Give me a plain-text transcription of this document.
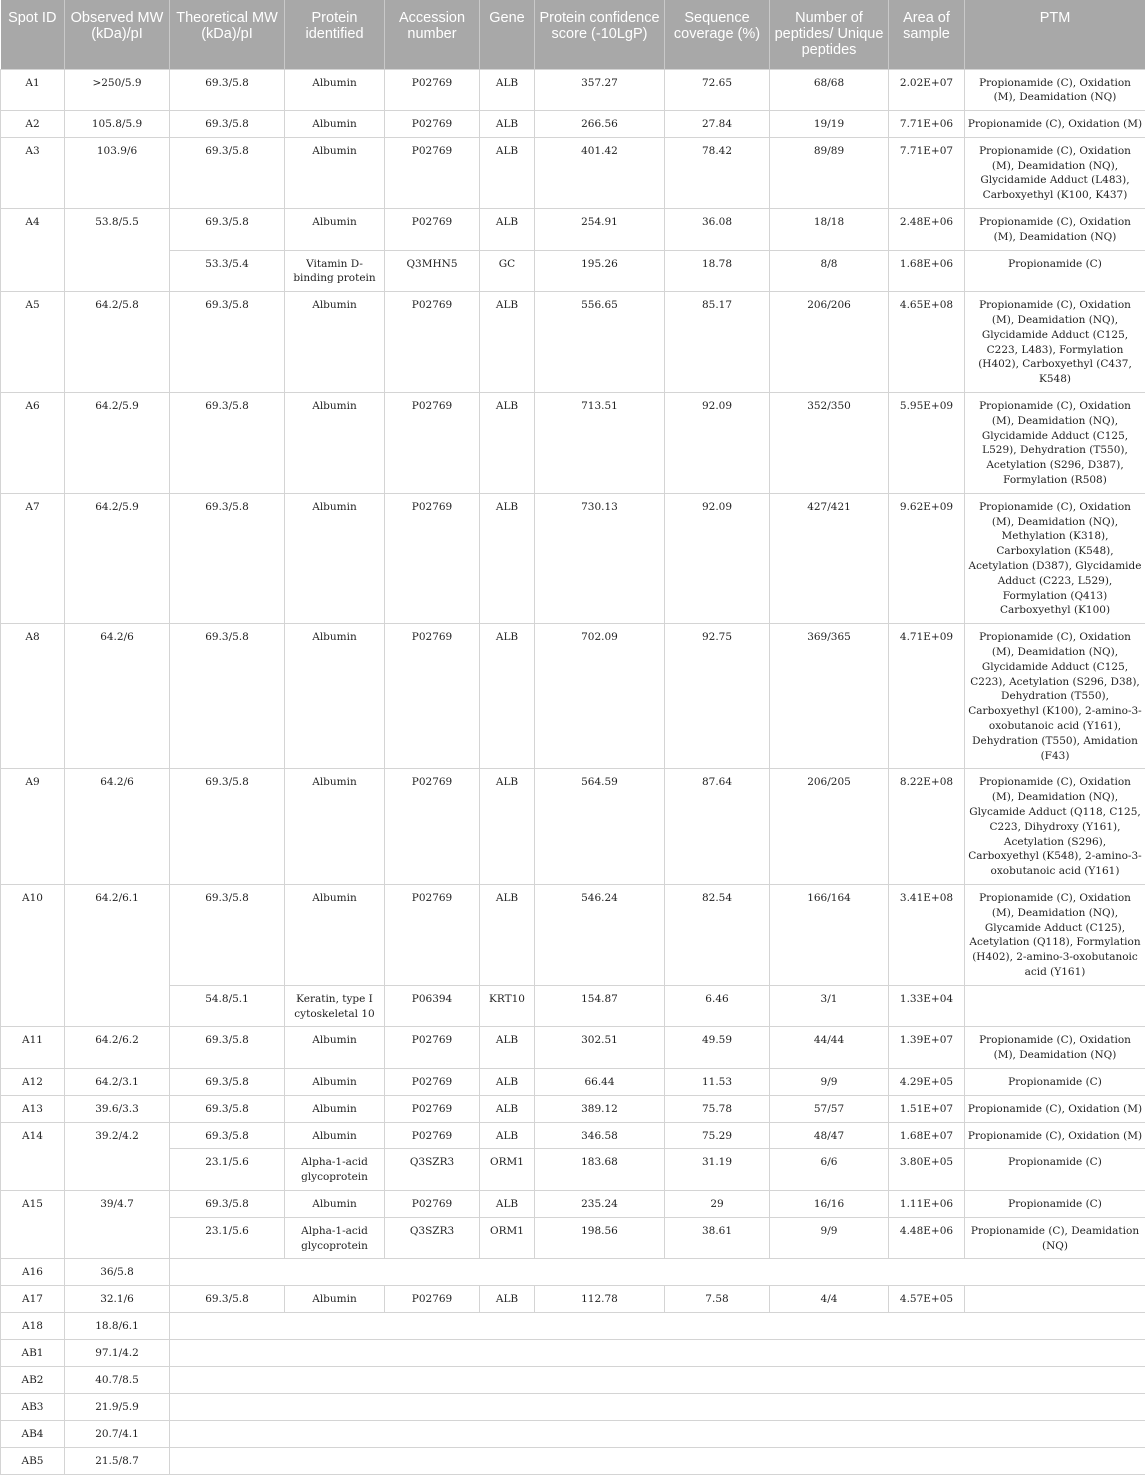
Spot ID	Observed MW (kDa)/pI	Theoretical MW (kDa)/pI	Protein identified	Accession number	Gene	Protein confidence score (-10LgP)	Sequence coverage (%)	Number of peptides/ Unique peptides	Area of sample	PTM
A1	>250/5.9	69.3/5.8	Albumin	P02769	ALB	357.27	72.65	68/68	2.02E+07	Propionamide (C), Oxidation (M), Deamidation (NQ)
A2	105.8/5.9	69.3/5.8	Albumin	P02769	ALB	266.56	27.84	19/19	7.71E+06	Propionamide (C), Oxidation (M)
A3	103.9/6	69.3/5.8	Albumin	P02769	ALB	401.42	78.42	89/89	7.71E+07	Propionamide (C), Oxidation (M), Deamidation (NQ), Glycidamide Adduct (L483), Carboxyethyl (K100, K437)
A4	53.8/5.5	69.3/5.8	Albumin	P02769	ALB	254.91	36.08	18/18	2.48E+06	Propionamide (C), Oxidation (M), Deamidation (NQ)
		53.3/5.4	Vitamin D-binding protein	Q3MHN5	GC	195.26	18.78	8/8	1.68E+06	Propionamide (C)
A5	64.2/5.8	69.3/5.8	Albumin	P02769	ALB	556.65	85.17	206/206	4.65E+08	Propionamide (C), Oxidation (M), Deamidation (NQ), Glycidamide Adduct (C125, C223, L483), Formylation (H402), Carboxyethyl (C437, K548)
A6	64.2/5.9	69.3/5.8	Albumin	P02769	ALB	713.51	92.09	352/350	5.95E+09	Propionamide (C), Oxidation (M), Deamidation (NQ), Glycidamide Adduct (C125, L529), Dehydration (T550), Acetylation (S296, D387), Formylation (R508)
A7	64.2/5.9	69.3/5.8	Albumin	P02769	ALB	730.13	92.09	427/421	9.62E+09	Propionamide (C), Oxidation (M), Deamidation (NQ), Methylation (K318), Carboxylation (K548), Acetylation (D387), Glycidamide Adduct (C223, L529), Formylation (Q413) Carboxyethyl (K100)
A8	64.2/6	69.3/5.8	Albumin	P02769	ALB	702.09	92.75	369/365	4.71E+09	Propionamide (C), Oxidation (M), Deamidation (NQ), Glycidamide Adduct (C125, C223), Acetylation (S296, D38), Dehydration (T550), Carboxyethyl (K100), 2-amino-3-oxobutanoic acid (Y161), Dehydration (T550), Amidation (F43)
A9	64.2/6	69.3/5.8	Albumin	P02769	ALB	564.59	87.64	206/205	8.22E+08	Propionamide (C), Oxidation (M), Deamidation (NQ), Glycamide Adduct (Q118, C125, C223, Dihydroxy (Y161), Acetylation (S296), Carboxyethyl (K548), 2-amino-3-oxobutanoic acid (Y161)
A10	64.2/6.1	69.3/5.8	Albumin	P02769	ALB	546.24	82.54	166/164	3.41E+08	Propionamide (C), Oxidation (M), Deamidation (NQ), Glycamide Adduct (C125), Acetylation (Q118), Formylation (H402), 2-amino-3-oxobutanoic acid (Y161)
		54.8/5.1	Keratin, type I cytoskeletal 10	P06394	KRT10	154.87	6.46	3/1	1.33E+04	
A11	64.2/6.2	69.3/5.8	Albumin	P02769	ALB	302.51	49.59	44/44	1.39E+07	Propionamide (C), Oxidation (M), Deamidation (NQ)
A12	64.2/3.1	69.3/5.8	Albumin	P02769	ALB	66.44	11.53	9/9	4.29E+05	Propionamide (C)
A13	39.6/3.3	69.3/5.8	Albumin	P02769	ALB	389.12	75.78	57/57	1.51E+07	Propionamide (C), Oxidation (M)
A14	39.2/4.2	69.3/5.8	Albumin	P02769	ALB	346.58	75.29	48/47	1.68E+07	Propionamide (C), Oxidation (M)
		23.1/5.6	Alpha-1-acid glycoprotein	Q3SZR3	ORM1	183.68	31.19	6/6	3.80E+05	Propionamide (C)
A15	39/4.7	69.3/5.8	Albumin	P02769	ALB	235.24	29	16/16	1.11E+06	Propionamide (C)
		23.1/5.6	Alpha-1-acid glycoprotein	Q3SZR3	ORM1	198.56	38.61	9/9	4.48E+06	Propionamide (C), Deamidation (NQ)
A16	36/5.8									
A17	32.1/6	69.3/5.8	Albumin	P02769	ALB	112.78	7.58	4/4	4.57E+05	
A18	18.8/6.1									
AB1	97.1/4.2									
AB2	40.7/8.5									
AB3	21.9/5.9									
AB4	20.7/4.1									
AB5	21.5/8.7									
